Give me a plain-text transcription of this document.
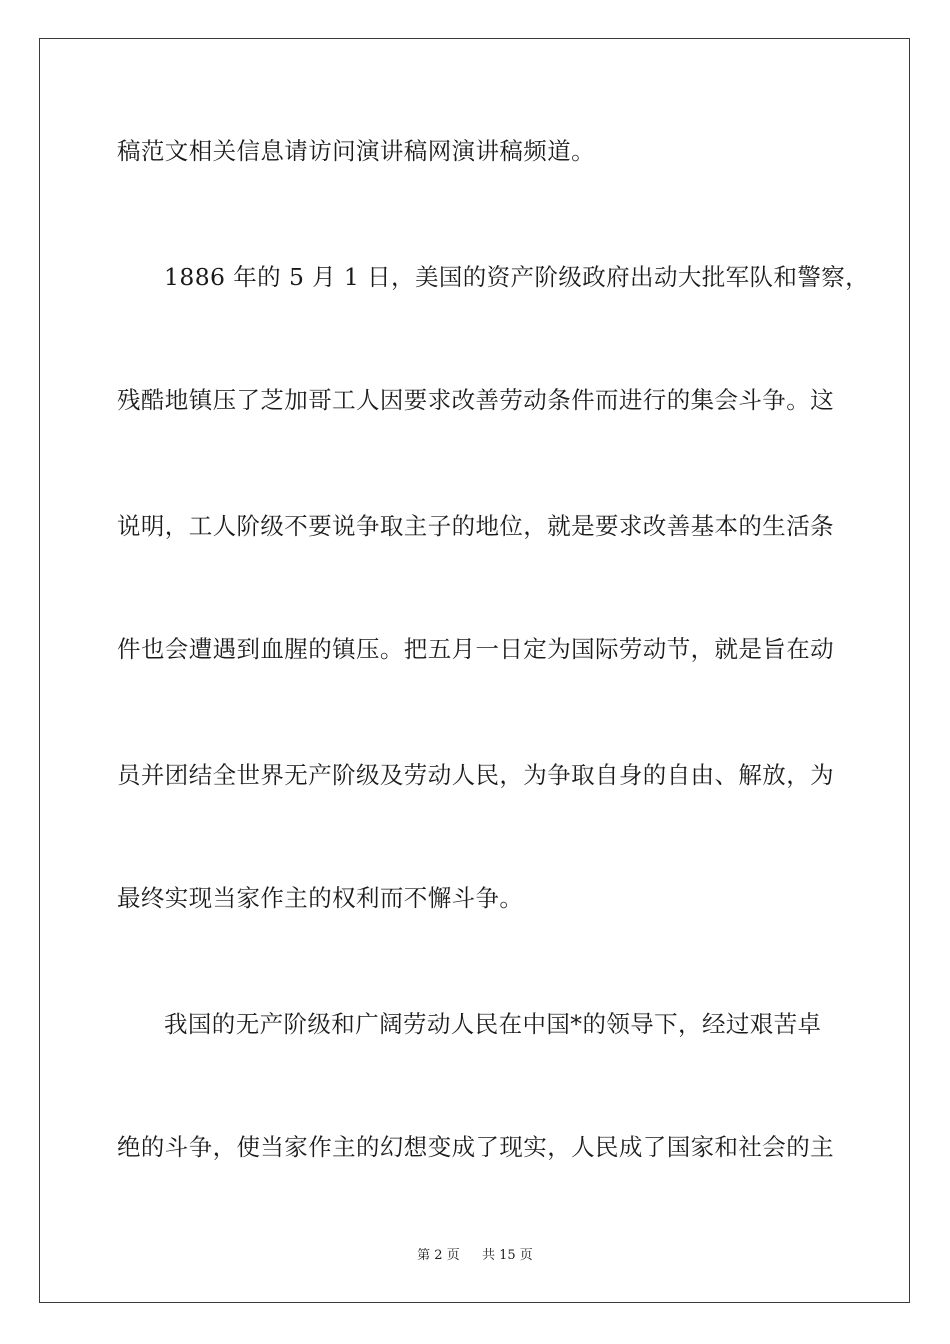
稿范文相关信息请访问演讲稿网演讲稿频道。
1886 年的 5 月 1 日，美国的资产阶级政府出动大批军队和警察，
残酷地镇压了芝加哥工人因要求改善劳动条件而进行的集会斗争。这
说明，工人阶级不要说争取主子的地位，就是要求改善基本的生活条
件也会遭遇到血腥的镇压。把五月一日定为国际劳动节，就是旨在动
员并团结全世界无产阶级及劳动人民，为争取自身的自由、解放，为
最终实现当家作主的权利而不懈斗争。
我国的无产阶级和广阔劳动人民在中国*的领导下，经过艰苦卓
绝的斗争，使当家作主的幻想变成了现实，人民成了国家和社会的主
第 2 页 共 15 页
